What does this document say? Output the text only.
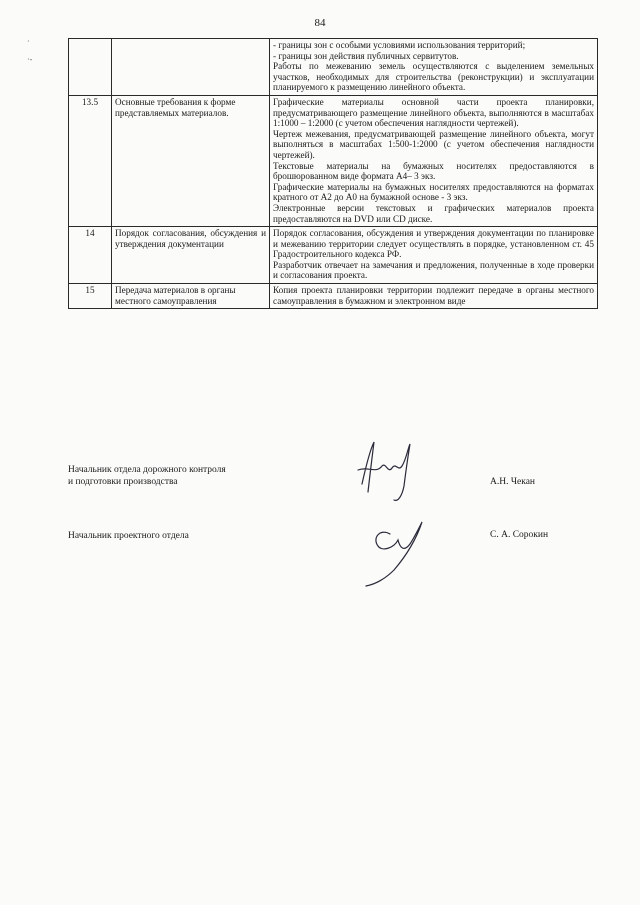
84
·
·-

		- границы зон с особыми условиями использования территорий;
- границы зон действия публичных сервитутов.
Работы по межеванию земель осуществляются с выделением земельных участков, необходимых для строительства (реконструкции) и эксплуатации планируемого к размещению линейного объекта.

13.5	Основные требования к форме представляемых материалов.	Графические материалы основной части проекта планировки, предусматривающего размещение линейного объекта, выполняются в масштабах 1:1000 – 1:2000 (с учетом обеспечения наглядности чертежей).
Чертеж межевания, предусматривающей размещение линейного объекта, могут выполняться в масштабах 1:500-1:2000 (с учетом обеспечения наглядности чертежей).
Текстовые материалы на бумажных носителях предоставляются в брошюрованном виде формата А4– 3 экз.
Графические материалы на бумажных носителях предоставляются на форматах кратного от А2 до А0 на бумажной основе - 3 экз.
Электронные версии текстовых и графических материалов проекта предоставляются на DVD или CD диске.

14	Порядок согласования, обсуждения и утверждения документации	Порядок согласования, обсуждения и утверждения документации по планировке и межеванию территории следует осуществлять в порядке, установленном ст. 45 Градостроительного кодекса РФ.
Разработчик отвечает на замечания и предложения, полученные в ходе проверки и согласования проекта.

15	Передача материалов в органы местного самоуправления	Копия проекта планировки территории подлежит передаче в органы местного самоуправления в бумажном и электронном виде
Начальник отдела дорожного контроля
и подготовки производства	А.Н. Чекан
Начальник проектного отдела	С. А. Сорокин
